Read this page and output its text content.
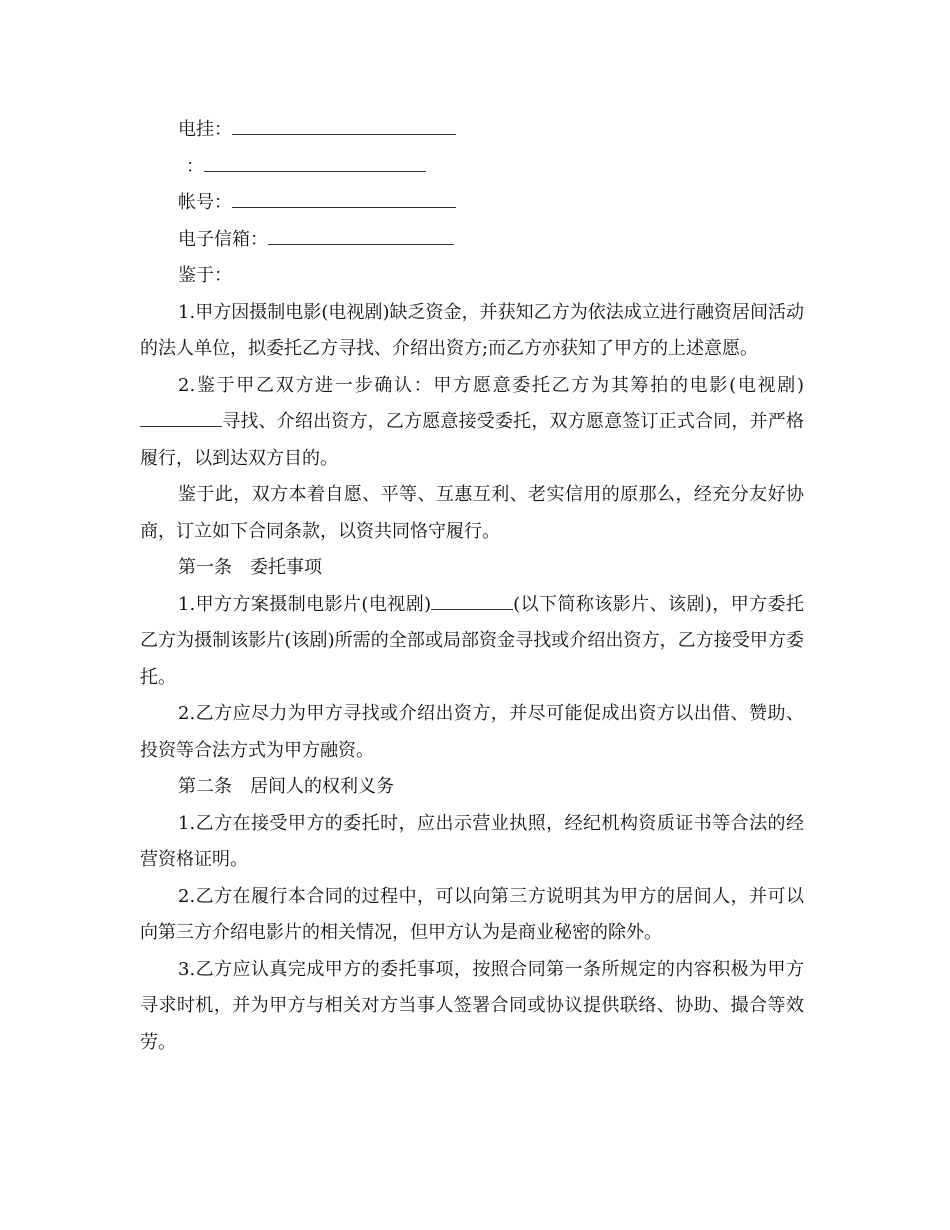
电挂：
：
帐号：
电子信箱：
鉴于：

1.甲方因摄制电影(电视剧)缺乏资金，并获知乙方为依法成立进行融资居间活动的法人单位，拟委托乙方寻找、介绍出资方;而乙方亦获知了甲方的上述意愿。

2.鉴于甲乙双方进一步确认：甲方愿意委托乙方为其筹拍的电影(电视剧)寻找、介绍出资方，乙方愿意接受委托，双方愿意签订正式合同，并严格履行，以到达双方目的。

鉴于此，双方本着自愿、平等、互惠互利、老实信用的原那么，经充分友好协商，订立如下合同条款，以资共同恪守履行。

第一条　委托事项

1.甲方方案摄制电影片(电视剧)	(以下简称该影片、该剧)，甲方委托乙方为摄制该影片(该剧)所需的全部或局部资金寻找或介绍出资方，乙方接受甲方委托。

2.乙方应尽力为甲方寻找或介绍出资方，并尽可能促成出资方以出借、赞助、投资等合法方式为甲方融资。

第二条　居间人的权利义务

1.乙方在接受甲方的委托时，应出示营业执照，经纪机构资质证书等合法的经营资格证明。

2.乙方在履行本合同的过程中，可以向第三方说明其为甲方的居间人，并可以向第三方介绍电影片的相关情况，但甲方认为是商业秘密的除外。

3.乙方应认真完成甲方的委托事项，按照合同第一条所规定的内容积极为甲方寻求时机，并为甲方与相关对方当事人签署合同或协议提供联络、协助、撮合等效劳。
